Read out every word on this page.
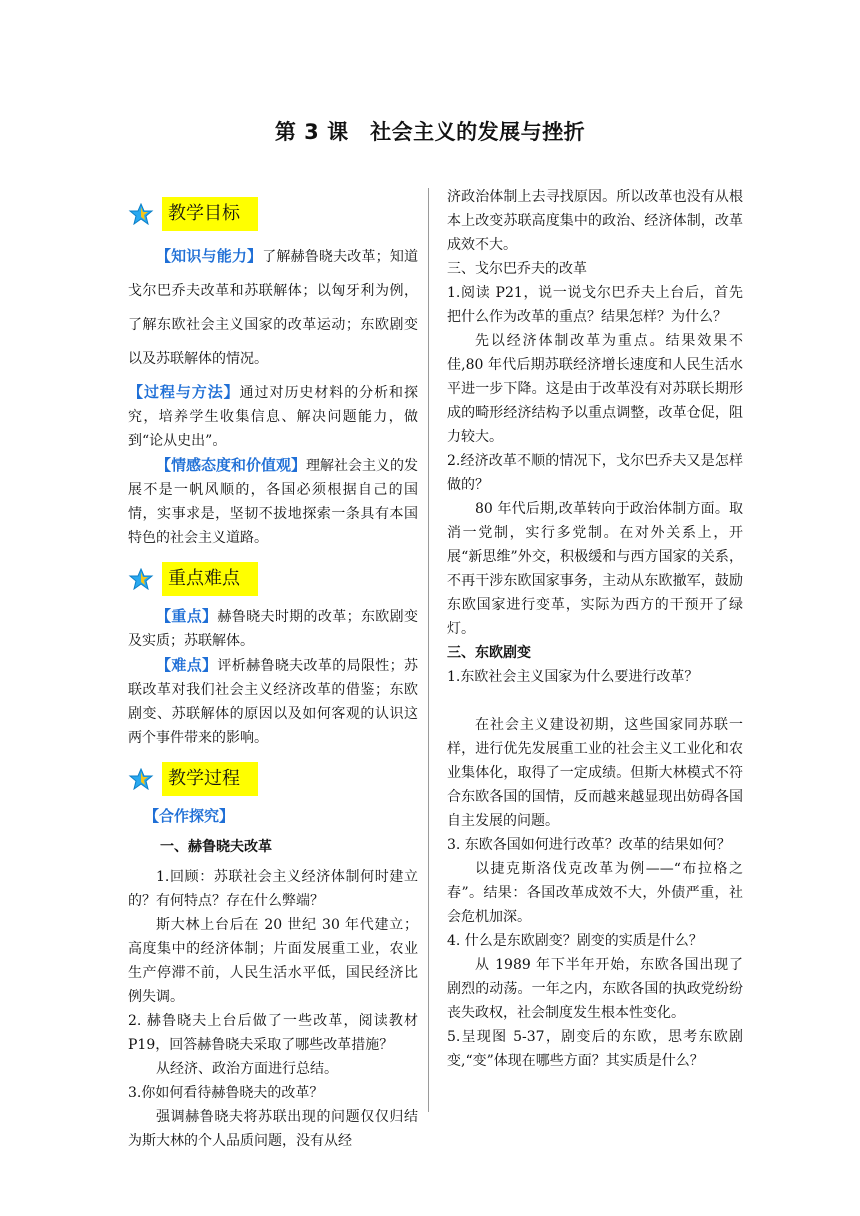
第 3 课　社会主义的发展与挫折
教学目标

【知识与能力】了解赫鲁晓夫改革；知道戈尔巴乔夫改革和苏联解体；以匈牙利为例，了解东欧社会主义国家的改革运动；东欧剧变以及苏联解体的情况。

【过程与方法】通过对历史材料的分析和探究，培养学生收集信息、解决问题能力，做到“论从史出”。

【情感态度和价值观】理解社会主义的发展不是一帆风顺的，各国必须根据自己的国情，实事求是，坚韧不拔地探索一条具有本国特色的社会主义道路。

重点难点

【重点】赫鲁晓夫时期的改革；东欧剧变及实质；苏联解体。

【难点】评析赫鲁晓夫改革的局限性；苏联改革对我们社会主义经济改革的借鉴；东欧剧变、苏联解体的原因以及如何客观的认识这两个事件带来的影响。

教学过程

【合作探究】

一、赫鲁晓夫改革

1.回顾：苏联社会主义经济体制何时建立的？有何特点？存在什么弊端？

斯大林上台后在 20 世纪 30 年代建立；高度集中的经济体制；片面发展重工业，农业生产停滞不前，人民生活水平低，国民经济比例失调。

2. 赫鲁晓夫上台后做了一些改革，阅读教材 P19，回答赫鲁晓夫采取了哪些改革措施？

从经济、政治方面进行总结。

3.你如何看待赫鲁晓夫的改革？

强调赫鲁晓夫将苏联出现的问题仅仅归结为斯大林的个人品质问题，没有从经

济政治体制上去寻找原因。所以改革也没有从根本上改变苏联高度集中的政治、经济体制，改革成效不大。

三、戈尔巴乔夫的改革

1.阅读 P21，说一说戈尔巴乔夫上台后，首先把什么作为改革的重点？结果怎样？为什么？

先以经济体制改革为重点。结果效果不佳,80 年代后期苏联经济增长速度和人民生活水平进一步下降。这是由于改革没有对苏联长期形成的畸形经济结构予以重点调整，改革仓促，阻力较大。

2.经济改革不顺的情况下，戈尔巴乔夫又是怎样做的？

80 年代后期,改革转向于政治体制方面。取消一党制，实行多党制。在对外关系上，开展“新思维”外交，积极缓和与西方国家的关系，不再干涉东欧国家事务，主动从东欧撤军，鼓励东欧国家进行变革，实际为西方的干预开了绿灯。

三、东欧剧变

1.东欧社会主义国家为什么要进行改革？

在社会主义建设初期，这些国家同苏联一样，进行优先发展重工业的社会主义工业化和农业集体化，取得了一定成绩。但斯大林模式不符合东欧各国的国情，反而越来越显现出妨碍各国自主发展的问题。

3. 东欧各国如何进行改革？改革的结果如何？

以捷克斯洛伐克改革为例——“布拉格之春”。结果：各国改革成效不大，外债严重，社会危机加深。

4. 什么是东欧剧变？剧变的实质是什么？

从 1989 年下半年开始，东欧各国出现了剧烈的动荡。一年之内，东欧各国的执政党纷纷丧失政权，社会制度发生根本性变化。

5.呈现图 5-37，剧变后的东欧，思考东欧剧变,“变”体现在哪些方面？其实质是什么？
